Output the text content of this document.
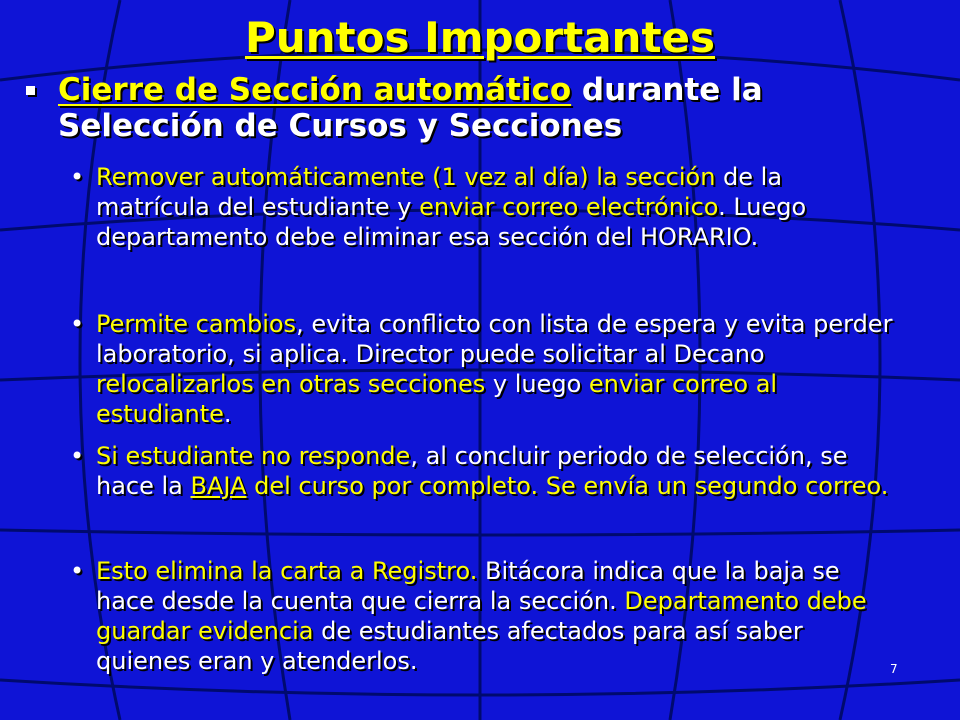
Puntos Importantes
Cierre de Sección automático durante la Selección de Cursos y Secciones
• Remover automáticamente (1 vez al día) la sección de la matrícula del estudiante y enviar correo electrónico. Luego departamento debe eliminar esa sección del HORARIO.
• Permite cambios, evita conflicto con lista de espera y evita perder laboratorio, si aplica. Director puede solicitar al Decano relocalizarlos en otras secciones y luego enviar correo al estudiante.
• Si estudiante no responde, al concluir periodo de selección, se hace la BAJA del curso por completo. Se envía un segundo correo.
• Esto elimina la carta a Registro. Bitácora indica que la baja se hace desde la cuenta que cierra la sección. Departamento debe guardar evidencia de estudiantes afectados para así saber quienes eran y atenderlos.	7
